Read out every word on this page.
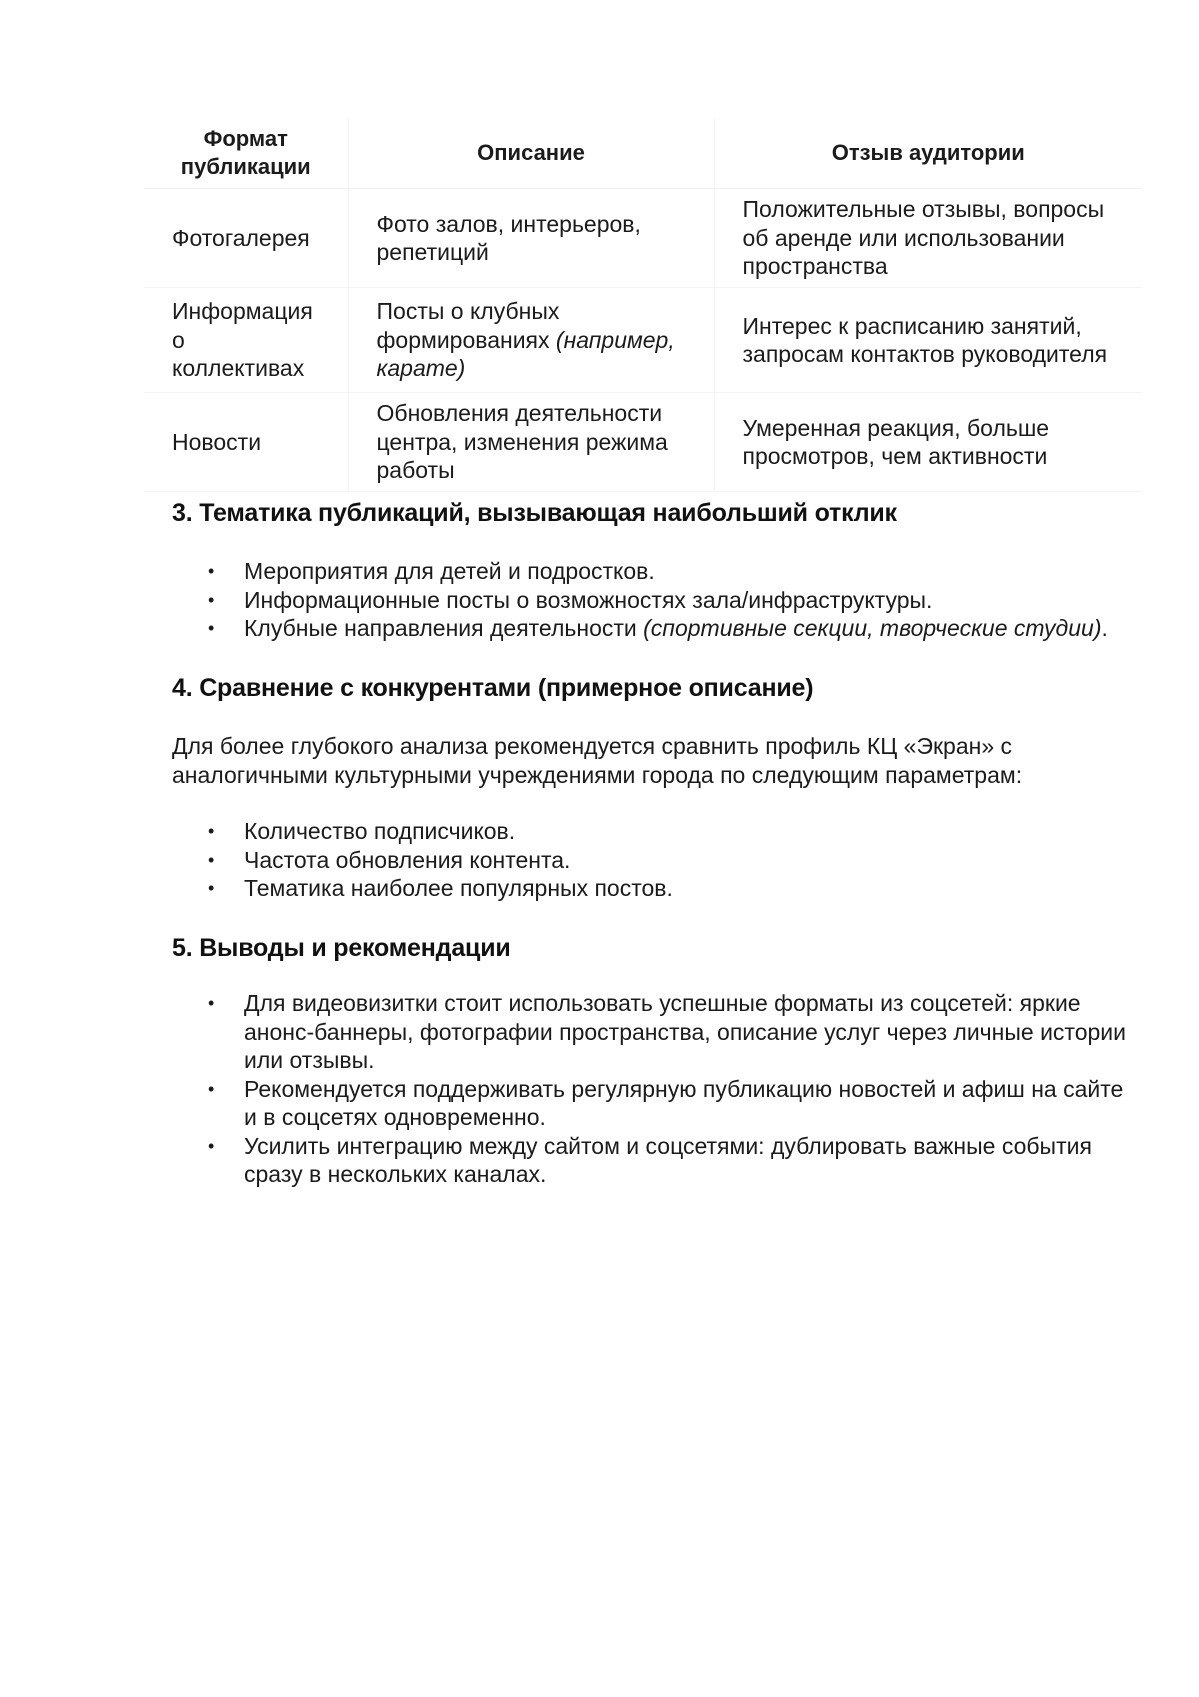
Формат публикации	Описание	Отзыв аудитории
Фотогалерея	Фото залов, интерьеров, репетиций	Положительные отзывы, вопросы об аренде или использовании пространства

Информация о коллективах	Посты о клубных формированиях (например, карате)	Интерес к расписанию занятий, запросам контактов руководителя
Новости	Обновления деятельности центра, изменения режима работы	Умеренная реакция, больше просмотров, чем активности
3. Тематика публикаций, вызывающая наибольший отклик
• Мероприятия для детей и подростков.
• Информационные посты о возможностях зала/инфраструктуры.
• Клубные направления деятельности (спортивные секции, творческие студии).
4. Сравнение с конкурентами (примерное описание)

Для более глубокого анализа рекомендуется сравнить профиль КЦ «Экран» с аналогичными культурными учреждениями города по следующим параметрам:

• Количество подписчиков.
• Частота обновления контента.
• Тематика наиболее популярных постов.
5. Выводы и рекомендации
• Для видеовизитки стоит использовать успешные форматы из соцсетей: яркие анонс-баннеры, фотографии пространства, описание услуг через личные истории или отзывы.
• Рекомендуется поддерживать регулярную публикацию новостей и афиш на сайте и в соцсетях одновременно.
• Усилить интеграцию между сайтом и соцсетями: дублировать важные события сразу в нескольких каналах.
